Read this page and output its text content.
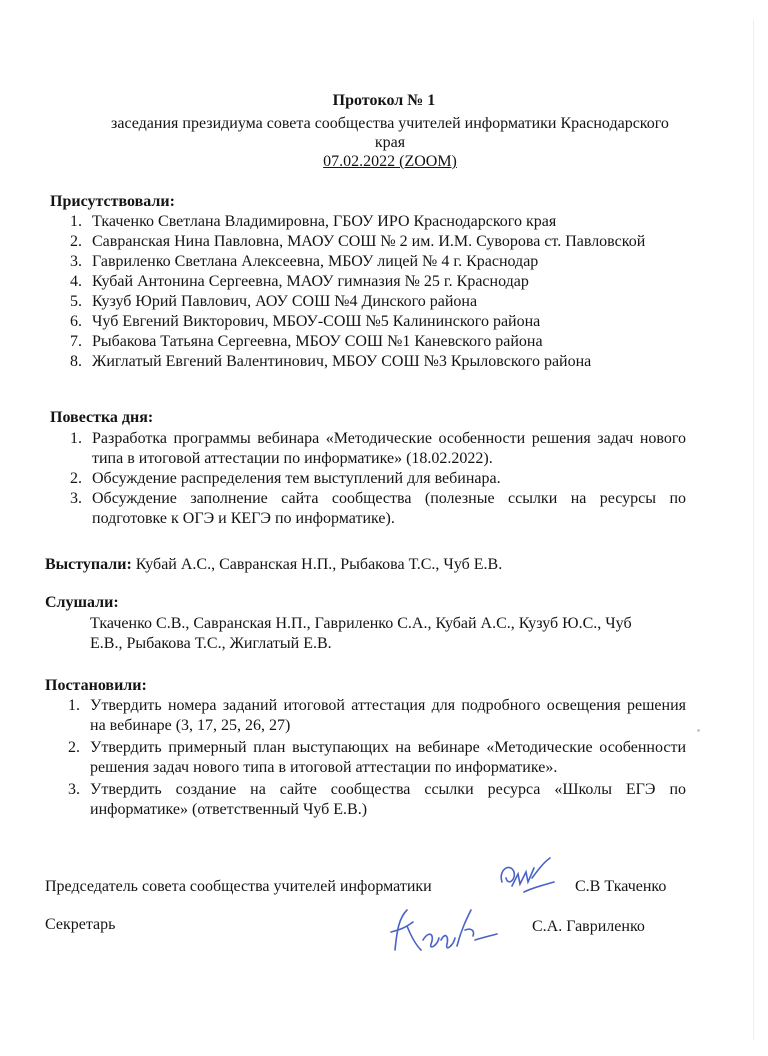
Протокол № 1
заседания президиума совета сообщества учителей информатики Краснодарского
края
07.02.2022 (ZOOM)
Присутствовали:
1. Ткаченко Светлана Владимировна, ГБОУ ИРО Краснодарского края
2. Савранская Нина Павловна, МАОУ СОШ № 2 им. И.М. Суворова ст. Павловской
3. Гавриленко Светлана Алексеевна, МБОУ лицей № 4 г. Краснодар
4. Кубай Антонина Сергеевна, МАОУ гимназия № 25 г. Краснодар
5. Кузуб Юрий Павлович, АОУ СОШ №4 Динского района
6. Чуб Евгений Викторович, МБОУ-СОШ №5 Калининского района
7. Рыбакова Татьяна Сергеевна, МБОУ СОШ №1 Каневского района
8. Жиглатый Евгений Валентинович, МБОУ СОШ №3 Крыловского района
Повестка дня:
1. Разработка программы вебинара «Методические особенности решения задач нового типа в итоговой аттестации по информатике» (18.02.2022).
2. Обсуждение распределения тем выступлений для вебинара.
3. Обсуждение заполнение сайта сообщества (полезные ссылки на ресурсы по подготовке к ОГЭ и КЕГЭ по информатике).
Выступали: Кубай А.С., Савранская Н.П., Рыбакова Т.С., Чуб Е.В.
Слушали:
Ткаченко С.В., Савранская Н.П., Гавриленко С.А., Кубай А.С., Кузуб Ю.С., Чуб
Е.В., Рыбакова Т.С., Жиглатый Е.В.
Постановили:
1. Утвердить номера заданий итоговой аттестация для подробного освещения решения на вебинаре (3, 17, 25, 26, 27)
2. Утвердить примерный план выступающих на вебинаре «Методические особенности решения задач нового типа в итоговой аттестации по информатике».
3. Утвердить создание на сайте сообщества ссылки ресурса «Школы ЕГЭ по информатике» (ответственный Чуб Е.В.)
Председатель совета сообщества учителей информатики	С.В Ткаченко
Секретарь	С.А. Гавриленко
